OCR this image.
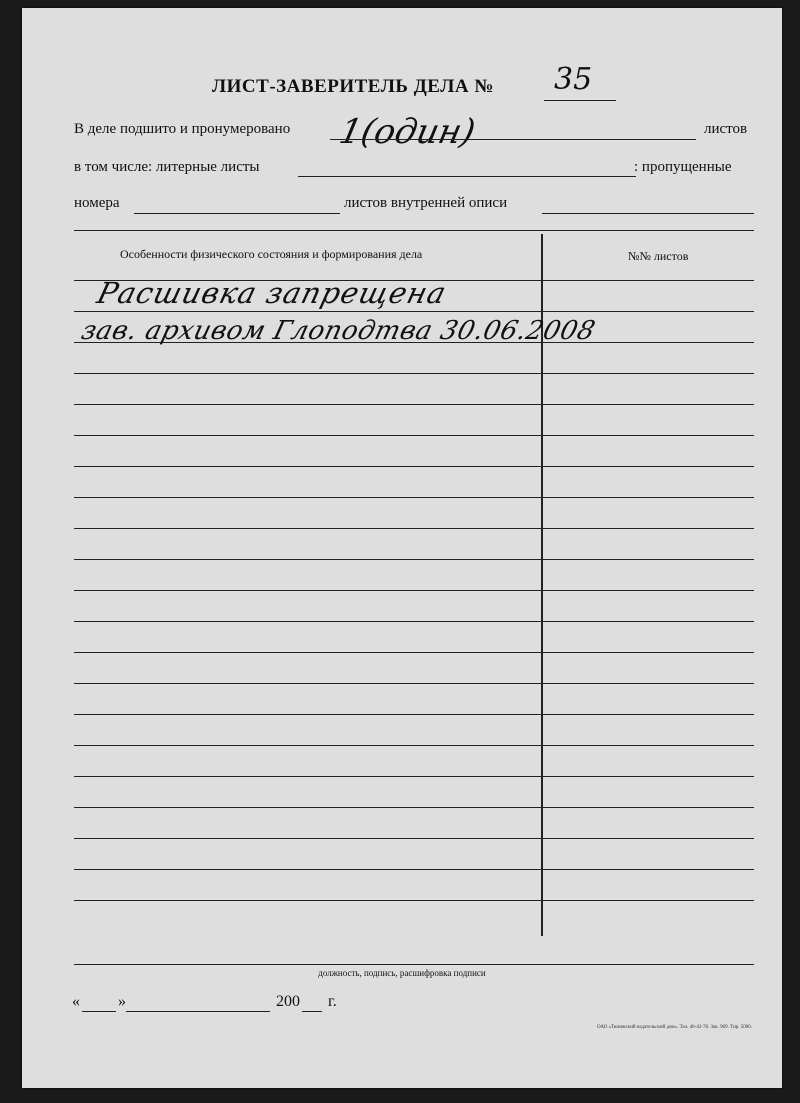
ЛИСТ-ЗАВЕРИТЕЛЬ ДЕЛА № 35
В деле подшито и пронумеровано 1(один)	листов
в том числе: литерные листы	: пропущенные
номера	листов внутренней описи
Особенности физического состояния и формирования дела	№№ листов
Расшивка запрещена
зав. архивом Глоподтва 30.06.2008
должность, подпись, расшифровка подписи
« »	200 г.
ОАО «Тюменский издательский дом». Тел. 46-42-78. Зак. 969. Тир. 5000.
